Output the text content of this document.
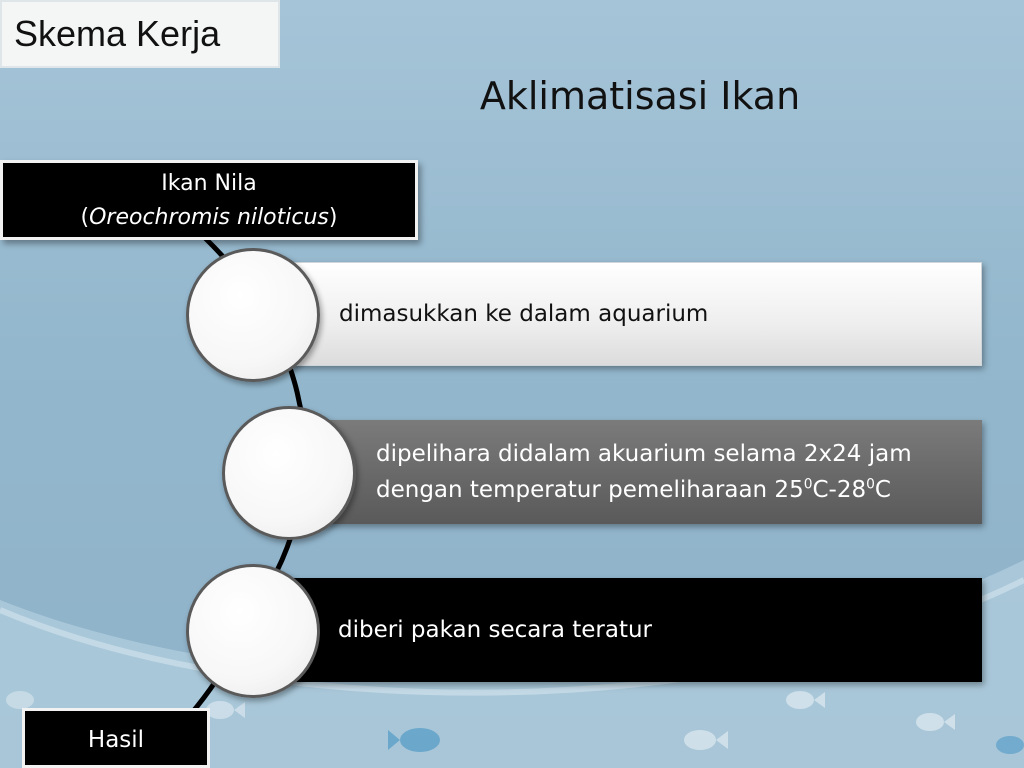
Skema Kerja
Aklimatisasi Ikan
Ikan Nila
(Oreochromis niloticus)
dimasukkan ke dalam aquarium
dipelihara didalam akuarium selama 2x24 jam
dengan temperatur pemeliharaan $25^0C-28^0C$
diberi pakan secara teratur
Hasil
